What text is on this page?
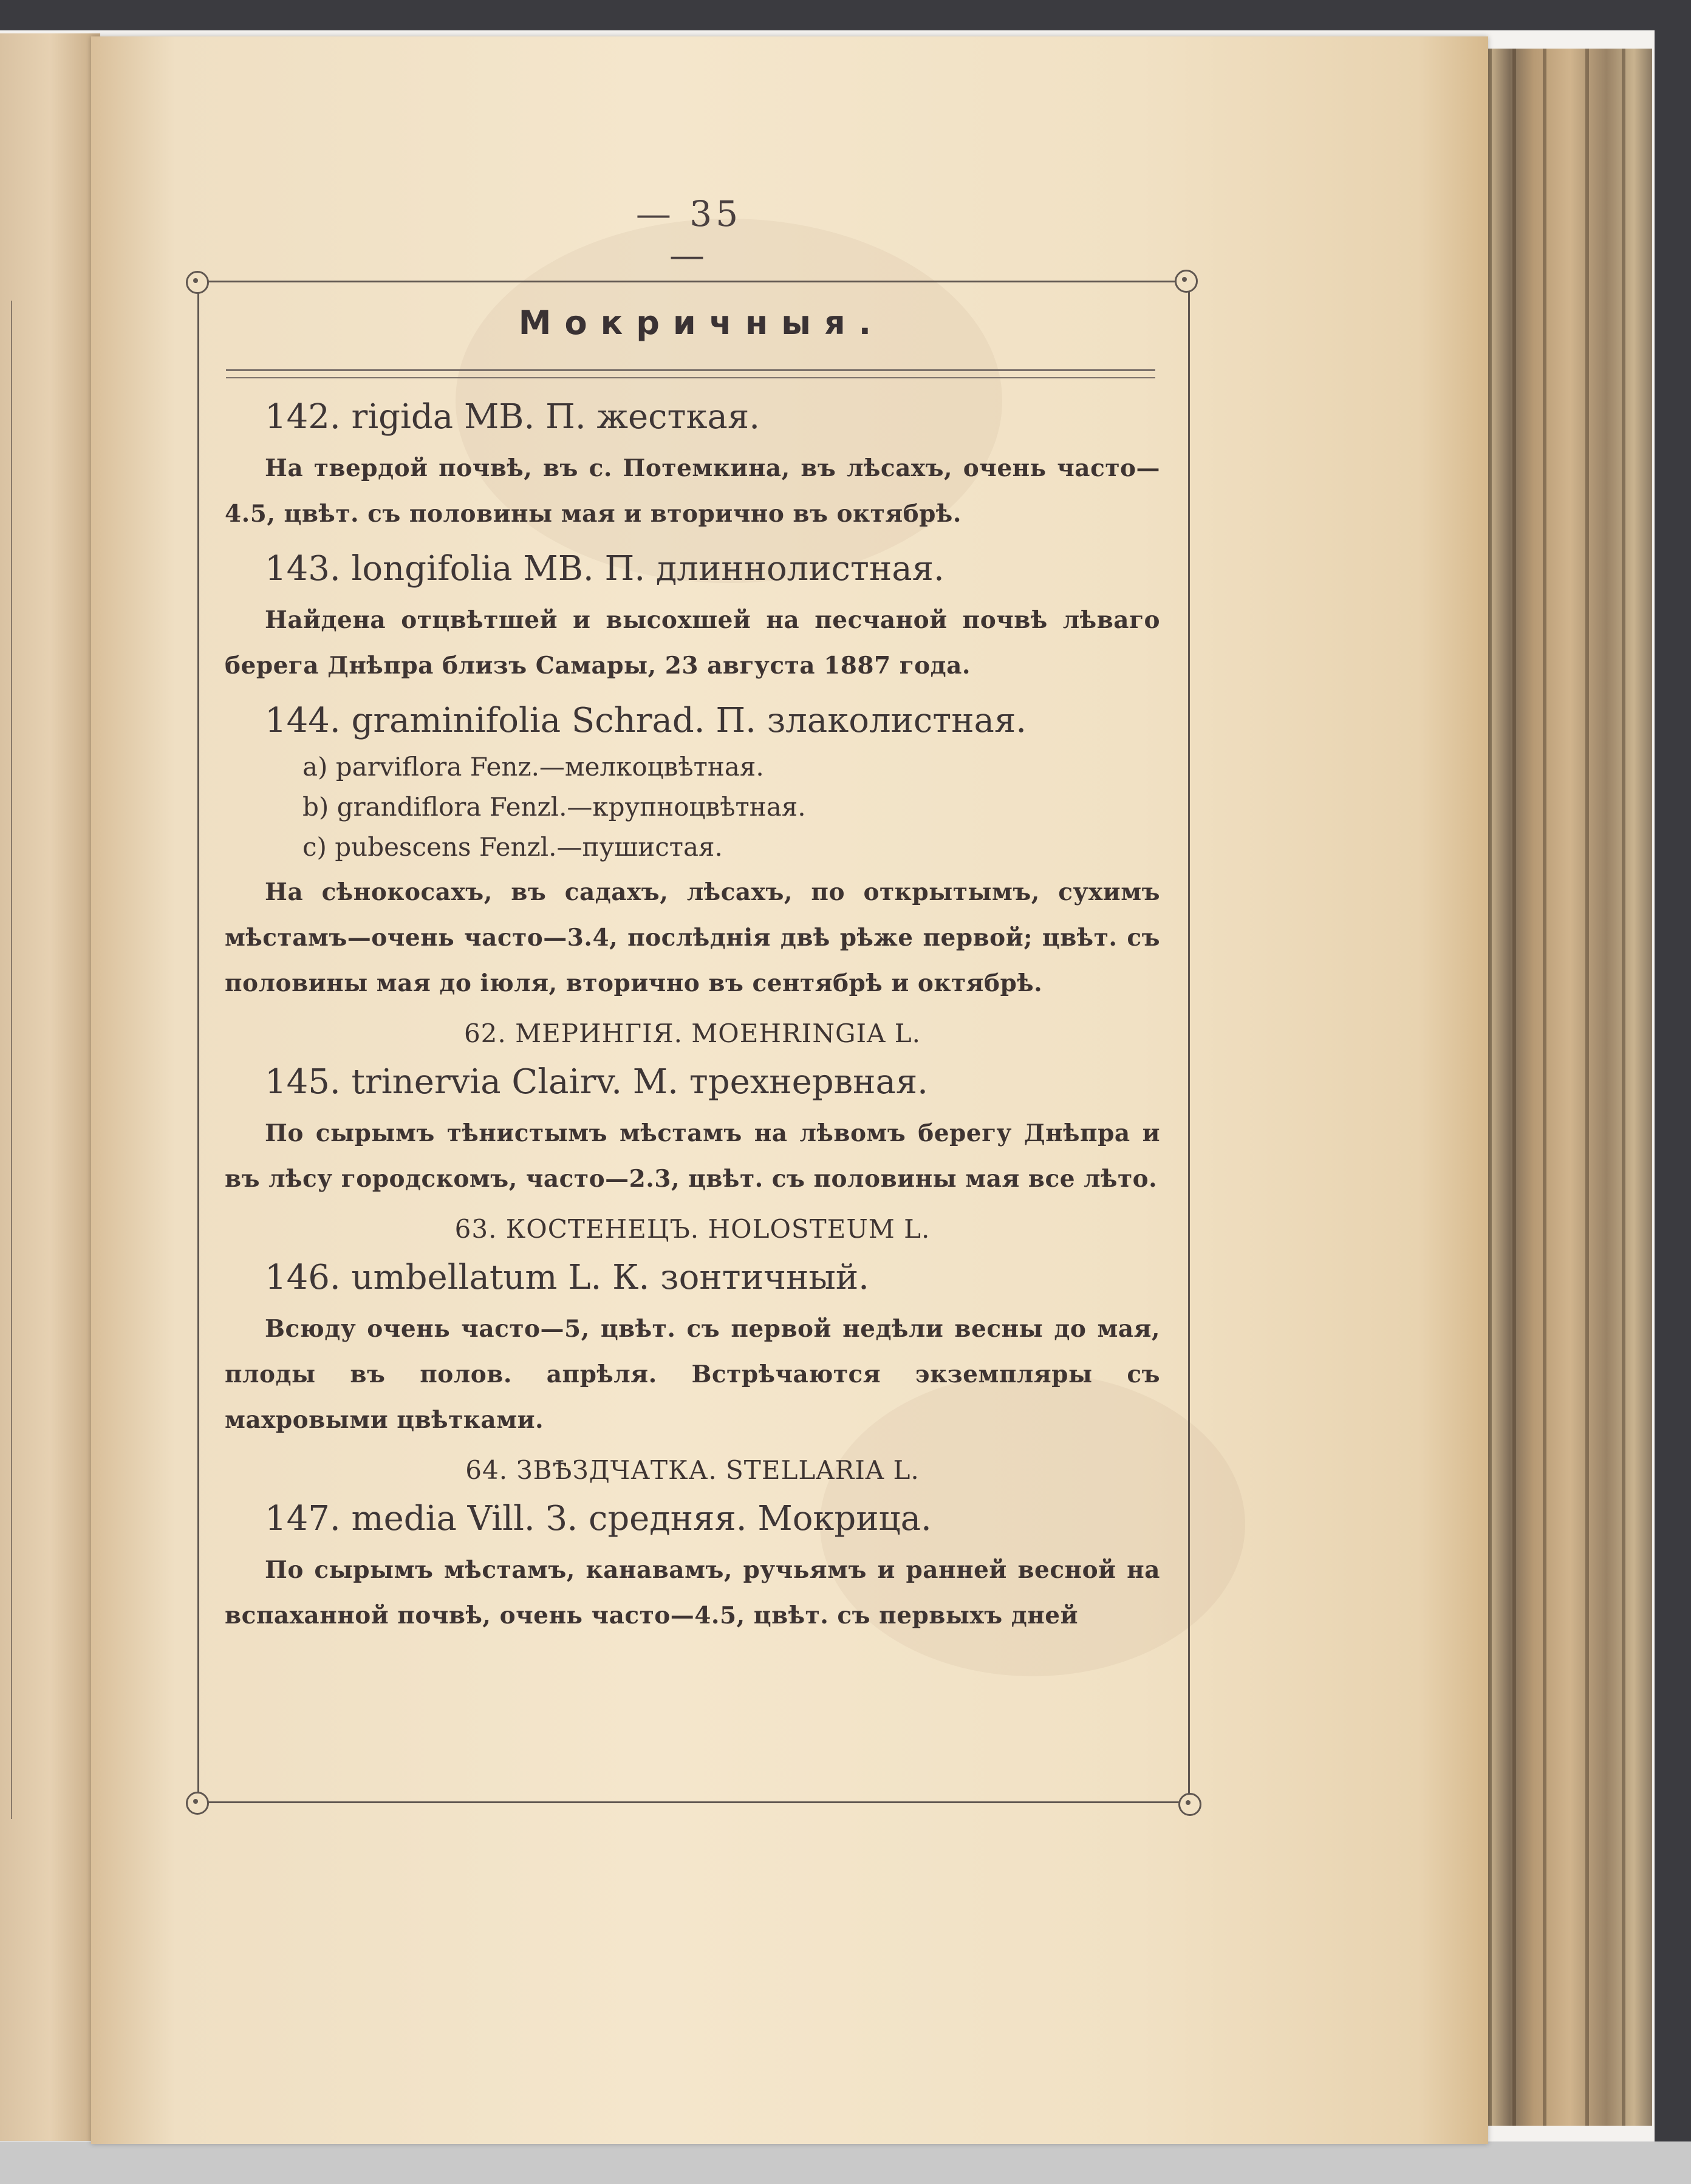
— 35 —
Мокричныя.
142. rigida МВ. П. жесткая.

На твердой почвѣ, въ с. Потемкина, въ лѣсахъ, очень часто—4.5, цвѣт. съ половины мая и вторично въ октябрѣ.

143. longifolia МВ. П. длиннолистная.

Найдена отцвѣтшей и высохшей на песчаной почвѣ лѣваго берега Днѣпра близъ Самары, 23 августа 1887 года.

144. graminifolia Schrad. П. злаколистная.
a) parviflora Fenz.—мелкоцвѣтная.
b) grandiflora Fenzl.—крупноцвѣтная.
c) pubescens Fenzl.—пушистая.

На сѣнокосахъ, въ садахъ, лѣсахъ, по открытымъ, сухимъ мѣстамъ—очень часто—3.4, послѣднія двѣ рѣже первой; цвѣт. съ половины мая до іюля, вторично въ сентябрѣ и октябрѣ.

62. МЕРИНГІЯ. MOEHRINGIA L.
145. trinervia Clairv. М. трехнервная.

По сырымъ тѣнистымъ мѣстамъ на лѣвомъ берегу Днѣпра и въ лѣсу городскомъ, часто—2.3, цвѣт. съ половины мая все лѣто.

63. КОСТЕНЕЦЪ. HOLOSTEUM L.
146. umbellatum L. К. зонтичный.

Всюду очень часто—5, цвѣт. съ первой недѣли весны до мая, плоды въ полов. апрѣля. Встрѣчаются экземпляры съ махровыми цвѣтками.

64. ЗВѢЗДЧАТКА. STELLARIA L.
147. media Vill. З. средняя. Мокрица.

По сырымъ мѣстамъ, канавамъ, ручьямъ и ранней весной на вспаханной почвѣ, очень часто—4.5, цвѣт. съ первыхъ дней
